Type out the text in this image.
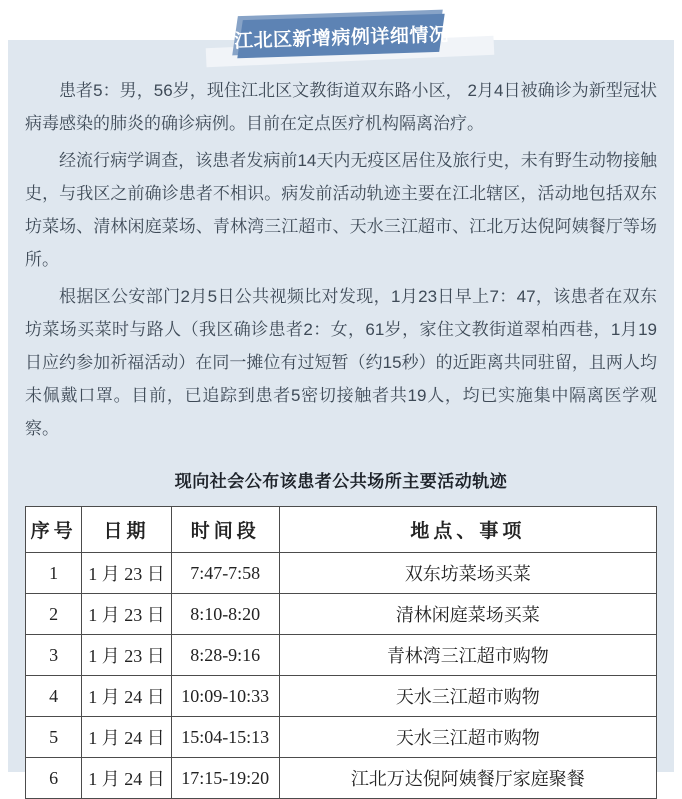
江北区新增病例详细情况

患者5：男，56岁，现住江北区文教街道双东路小区， 2月4日被确诊为新型冠状病毒感染的肺炎的确诊病例。目前在定点医疗机构隔离治疗。

经流行病学调查，该患者发病前14天内无疫区居住及旅行史，未有野生动物接触史，与我区之前确诊患者不相识。病发前活动轨迹主要在江北辖区，活动地包括双东坊菜场、清林闲庭菜场、青林湾三江超市、天水三江超市、江北万达倪阿姨餐厅等场所。

根据区公安部门2月5日公共视频比对发现，1月23日早上7：47，该患者在双东坊菜场买菜时与路人（我区确诊患者2：女，61岁，家住文教街道翠柏西巷，1月19日应约参加祈福活动）在同一摊位有过短暂（约15秒）的近距离共同驻留，且两人均未佩戴口罩。目前，已追踪到患者5密切接触者共19人，均已实施集中隔离医学观察。

现向社会公布该患者公共场所主要活动轨迹
序号	日期	时间段	地点、事项
1	1 月 23 日	7:47-7:58	双东坊菜场买菜
2	1 月 23 日	8:10-8:20	清林闲庭菜场买菜
3	1 月 23 日	8:28-9:16	青林湾三江超市购物
4	1 月 24 日	10:09-10:33	天水三江超市购物
5	1 月 24 日	15:04-15:13	天水三江超市购物
6	1 月 24 日	17:15-19:20	江北万达倪阿姨餐厅家庭聚餐
